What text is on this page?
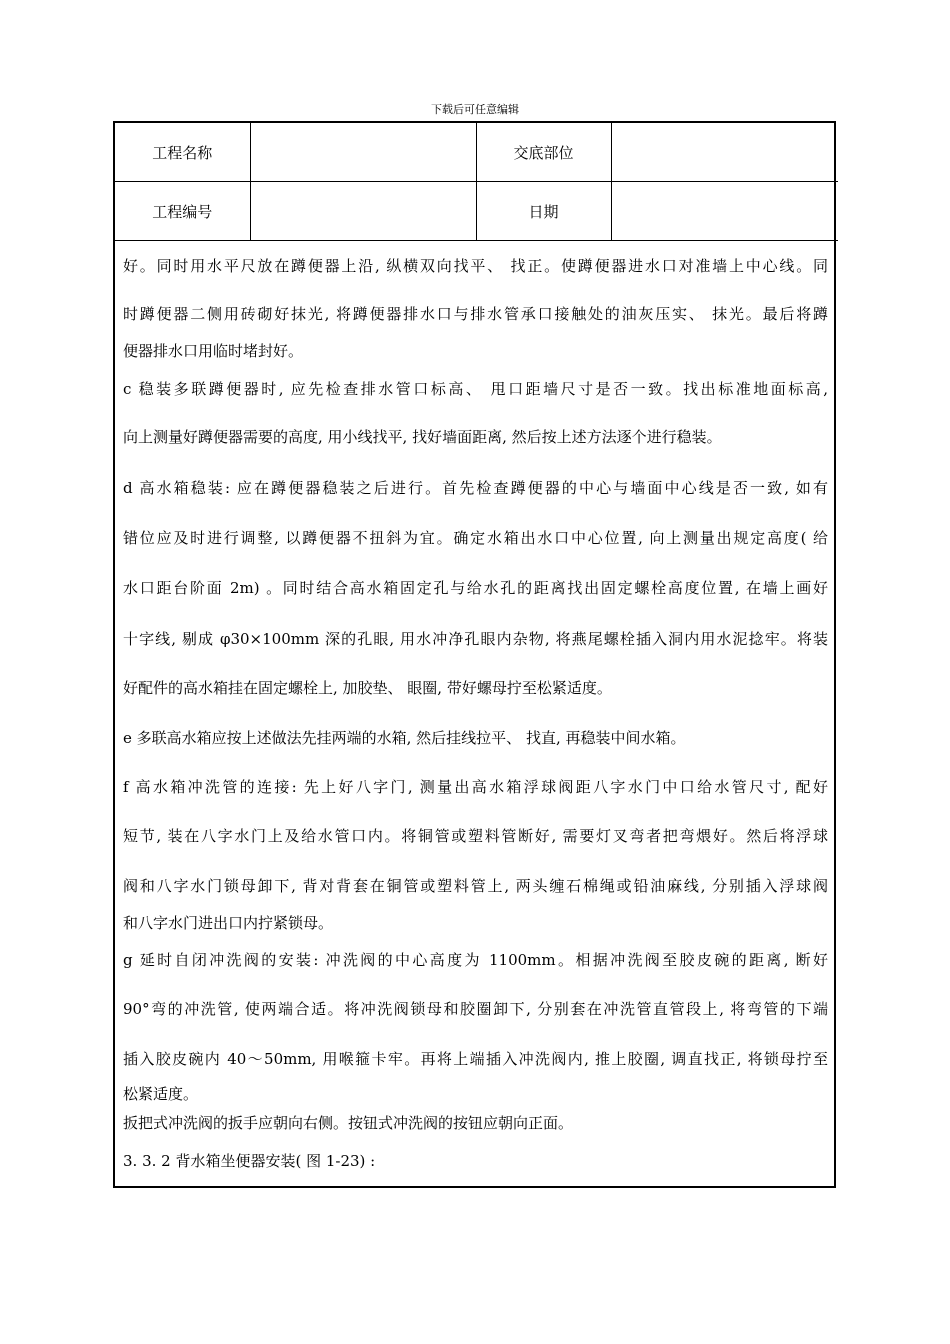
下载后可任意编辑
工程名称		交底部位	
工程编号		日期	
好。同时用水平尺放在蹲便器上沿, 纵横双向找平、 找正。使蹲便器进水口对准墙上中心线。同
时蹲便器二侧用砖砌好抹光, 将蹲便器排水口与排水管承口接触处的油灰压实、 抹光。最后将蹲
便器排水口用临时堵封好。
c 稳装多联蹲便器时, 应先检查排水管口标高、 甩口距墙尺寸是否一致。找出标准地面标高,
向上测量好蹲便器需要的高度, 用小线找平, 找好墙面距离, 然后按上述方法逐个进行稳装。
d 高水箱稳装: 应在蹲便器稳装之后进行。首先检查蹲便器的中心与墙面中心线是否一致, 如有
错位应及时进行调整, 以蹲便器不扭斜为宜。确定水箱出水口中心位置, 向上测量出规定高度( 给
水口距台阶面 2m) 。同时结合高水箱固定孔与给水孔的距离找出固定螺栓高度位置, 在墙上画好
十字线, 剔成 φ30×100mm 深的孔眼, 用水冲净孔眼内杂物, 将燕尾螺栓插入洞内用水泥捻牢。将装
好配件的高水箱挂在固定螺栓上, 加胶垫、 眼圈, 带好螺母拧至松紧适度。
e 多联高水箱应按上述做法先挂两端的水箱, 然后挂线拉平、 找直, 再稳装中间水箱。
f 高水箱冲洗管的连接: 先上好八字门, 测量出高水箱浮球阀距八字水门中口给水管尺寸, 配好
短节, 装在八字水门上及给水管口内。将铜管或塑料管断好, 需要灯叉弯者把弯煨好。然后将浮球
阀和八字水门锁母卸下, 背对背套在铜管或塑料管上, 两头缠石棉绳或铅油麻线, 分别插入浮球阀
和八字水门进出口内拧紧锁母。
g 延时自闭冲洗阀的安装: 冲洗阀的中心高度为 1100mm。相据冲洗阀至胶皮碗的距离, 断好
90°弯的冲洗管, 使两端合适。将冲洗阀锁母和胶圈卸下, 分别套在冲洗管直管段上, 将弯管的下端
插入胶皮碗内 40～50mm, 用喉箍卡牢。再将上端插入冲洗阀内, 推上胶圈, 调直找正, 将锁母拧至
松紧适度。
扳把式冲洗阀的扳手应朝向右侧。按钮式冲洗阀的按钮应朝向正面。
3. 3. 2 背水箱坐便器安装( 图 1-23) :
